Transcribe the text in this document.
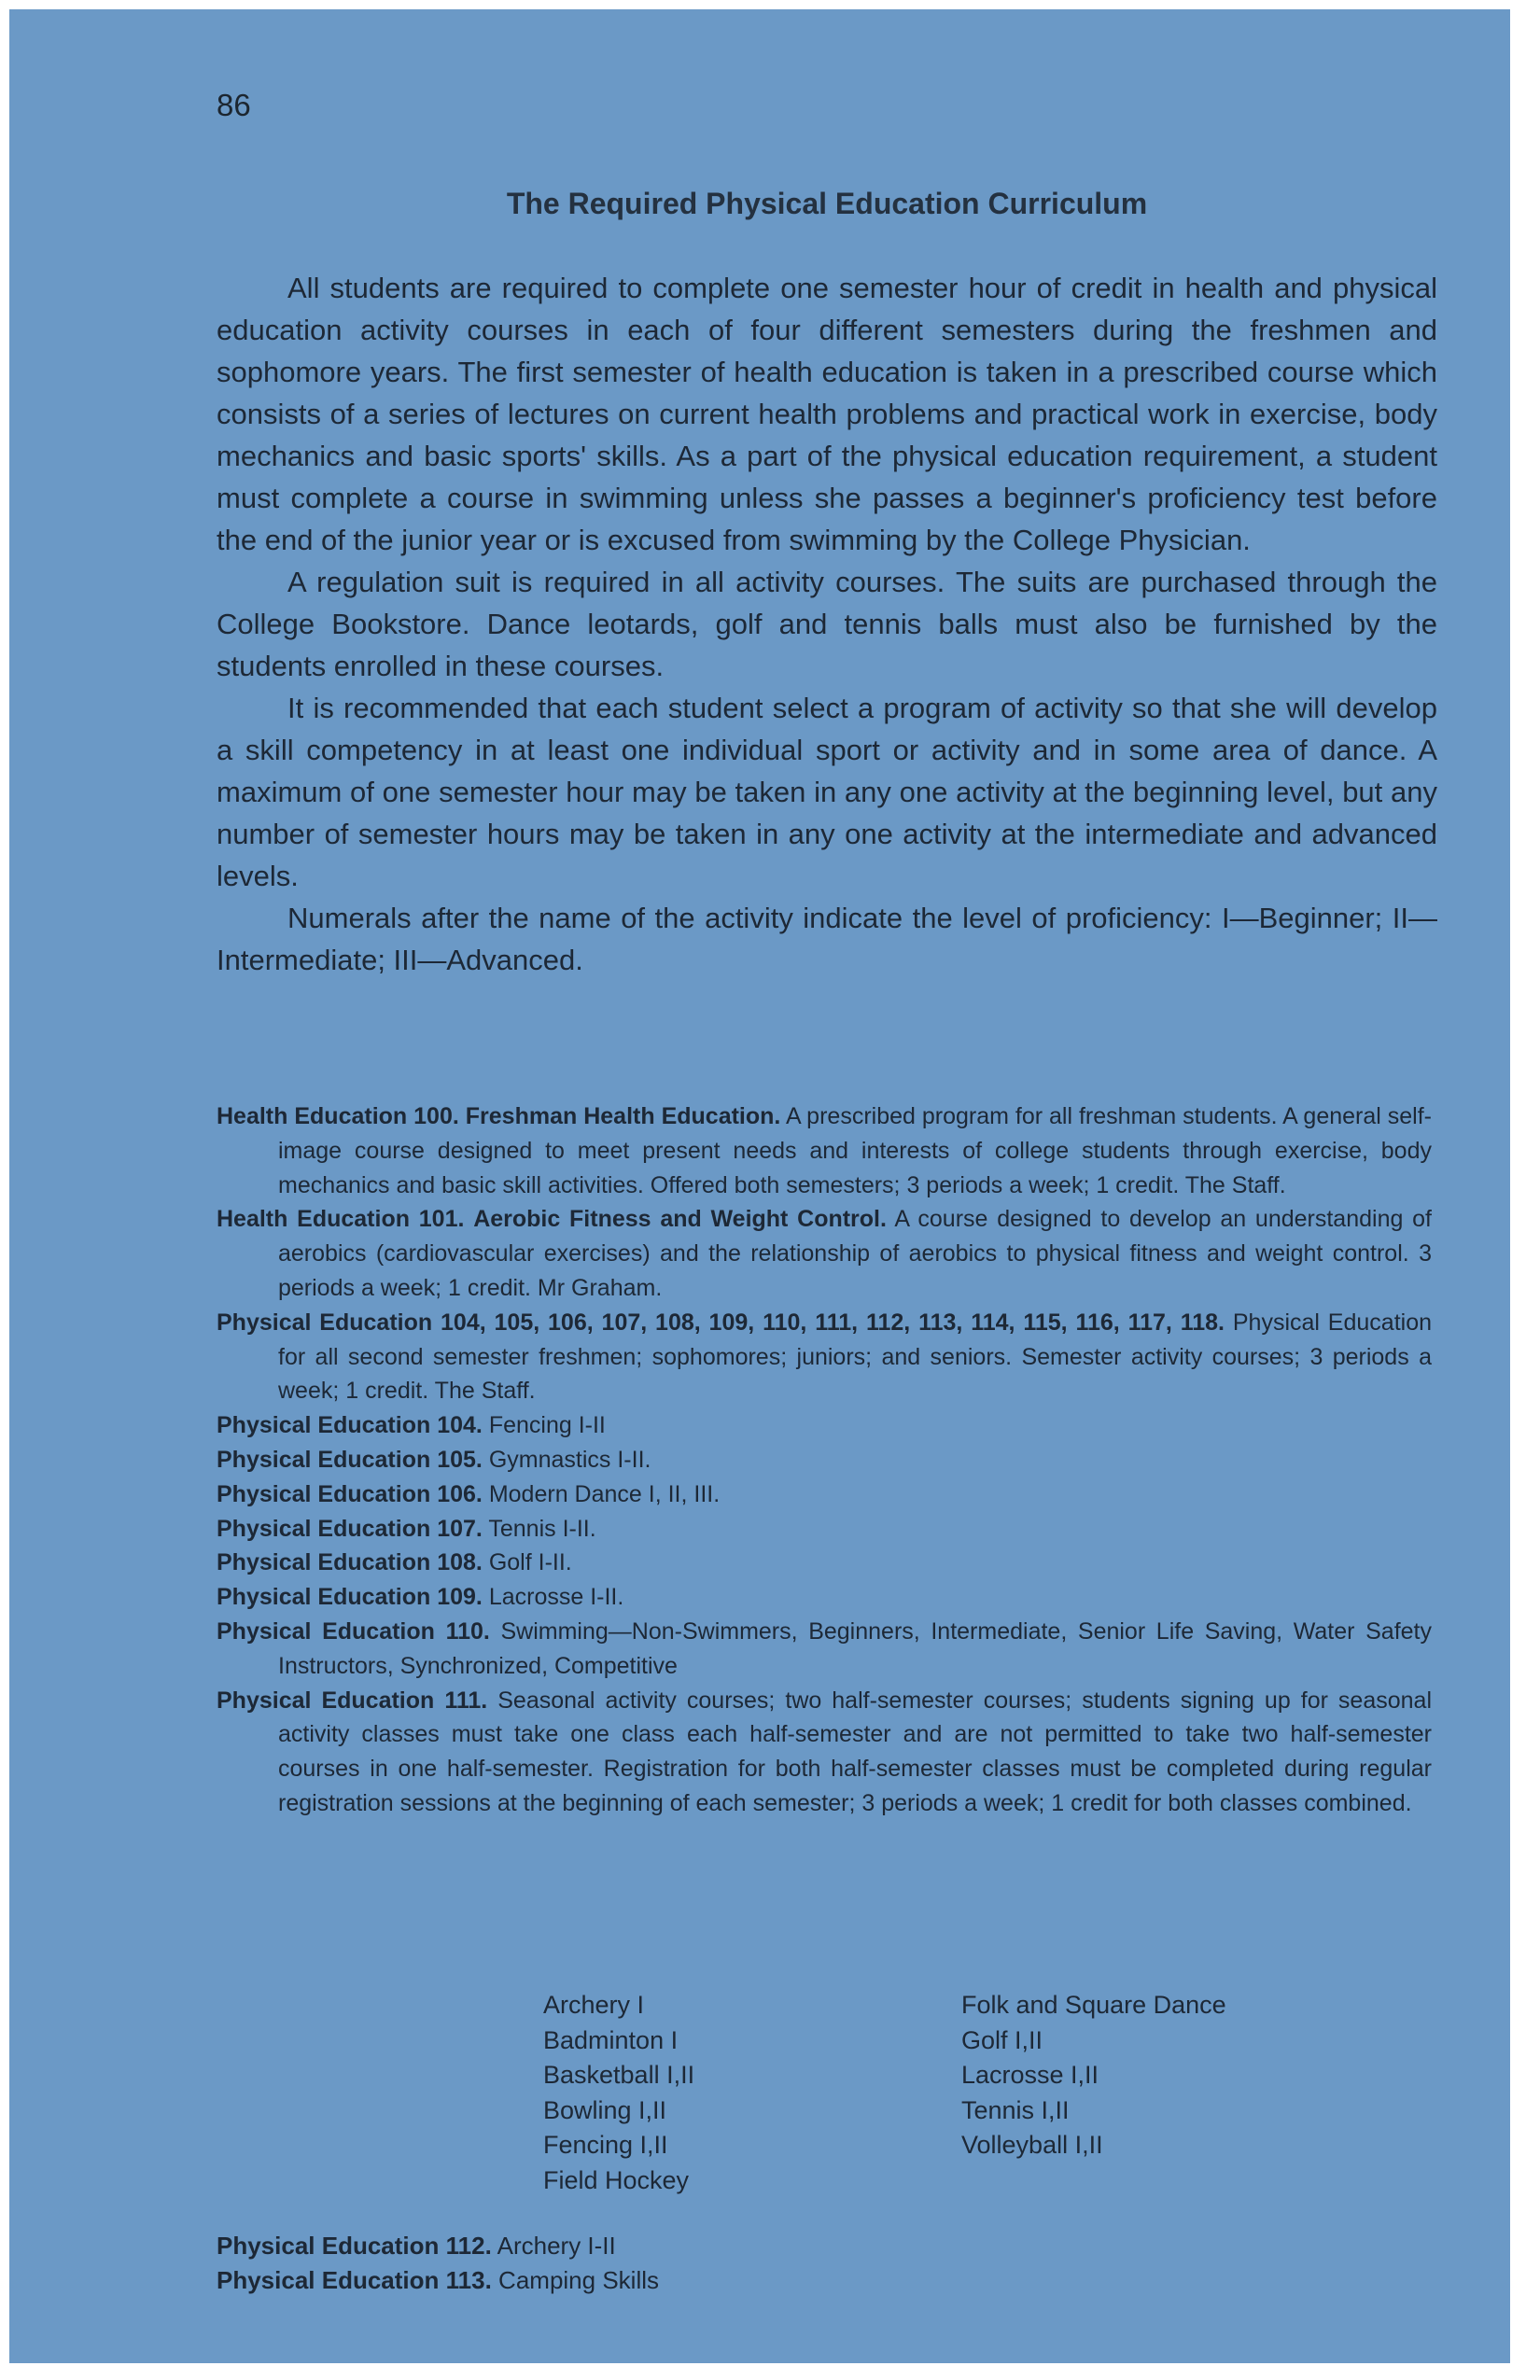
86
The Required Physical Education Curriculum

All students are required to complete one semester hour of credit in health and physical education activity courses in each of four different semesters during the freshmen and sophomore years. The first semester of health education is taken in a prescribed course which consists of a series of lectures on current health problems and practical work in exercise, body mechanics and basic sports' skills. As a part of the physical education requirement, a student must complete a course in swimming unless she passes a beginner's proficiency test before the end of the junior year or is excused from swimming by the College Physician.

A regulation suit is required in all activity courses. The suits are purchased through the College Bookstore. Dance leotards, golf and tennis balls must also be furnished by the students enrolled in these courses.

It is recommended that each student select a program of activity so that she will develop a skill competency in at least one individual sport or activity and in some area of dance. A maximum of one semester hour may be taken in any one activity at the beginning level, but any number of semester hours may be taken in any one activity at the intermediate and advanced levels.

Numerals after the name of the activity indicate the level of proficiency: I—Beginner; II—Intermediate; III—Advanced.

Health Education 100. Freshman Health Education. A prescribed program for all freshman students. A general self-image course designed to meet present needs and interests of college students through exercise, body mechanics and basic skill activities. Offered both semesters; 3 periods a week; 1 credit. The Staff.
Health Education 101. Aerobic Fitness and Weight Control. A course designed to develop an understanding of aerobics (cardiovascular exercises) and the relationship of aerobics to physical fitness and weight control. 3 periods a week; 1 credit. Mr Graham.
Physical Education 104, 105, 106, 107, 108, 109, 110, 111, 112, 113, 114, 115, 116, 117, 118. Physical Education for all second semester freshmen; sophomores; juniors; and seniors. Semester activity courses; 3 periods a week; 1 credit. The Staff.
Physical Education 104. Fencing I-II
Physical Education 105. Gymnastics I-II.
Physical Education 106. Modern Dance I, II, III.
Physical Education 107. Tennis I-II.
Physical Education 108. Golf I-II.
Physical Education 109. Lacrosse I-II.
Physical Education 110. Swimming—Non-Swimmers, Beginners, Intermediate, Senior Life Saving, Water Safety Instructors, Synchronized, Competitive
Physical Education 111. Seasonal activity courses; two half-semester courses; students signing up for seasonal activity classes must take one class each half-semester and are not permitted to take two half-semester courses in one half-semester. Registration for both half-semester classes must be completed during regular registration sessions at the beginning of each semester; 3 periods a week; 1 credit for both classes combined.
Archery I
Badminton I
Basketball I,II
Bowling I,II
Fencing I,II
Field Hockey
Folk and Square Dance
Golf I,II
Lacrosse I,II
Tennis I,II
Volleyball I,II
Physical Education 112. Archery I-II
Physical Education 113. Camping Skills
